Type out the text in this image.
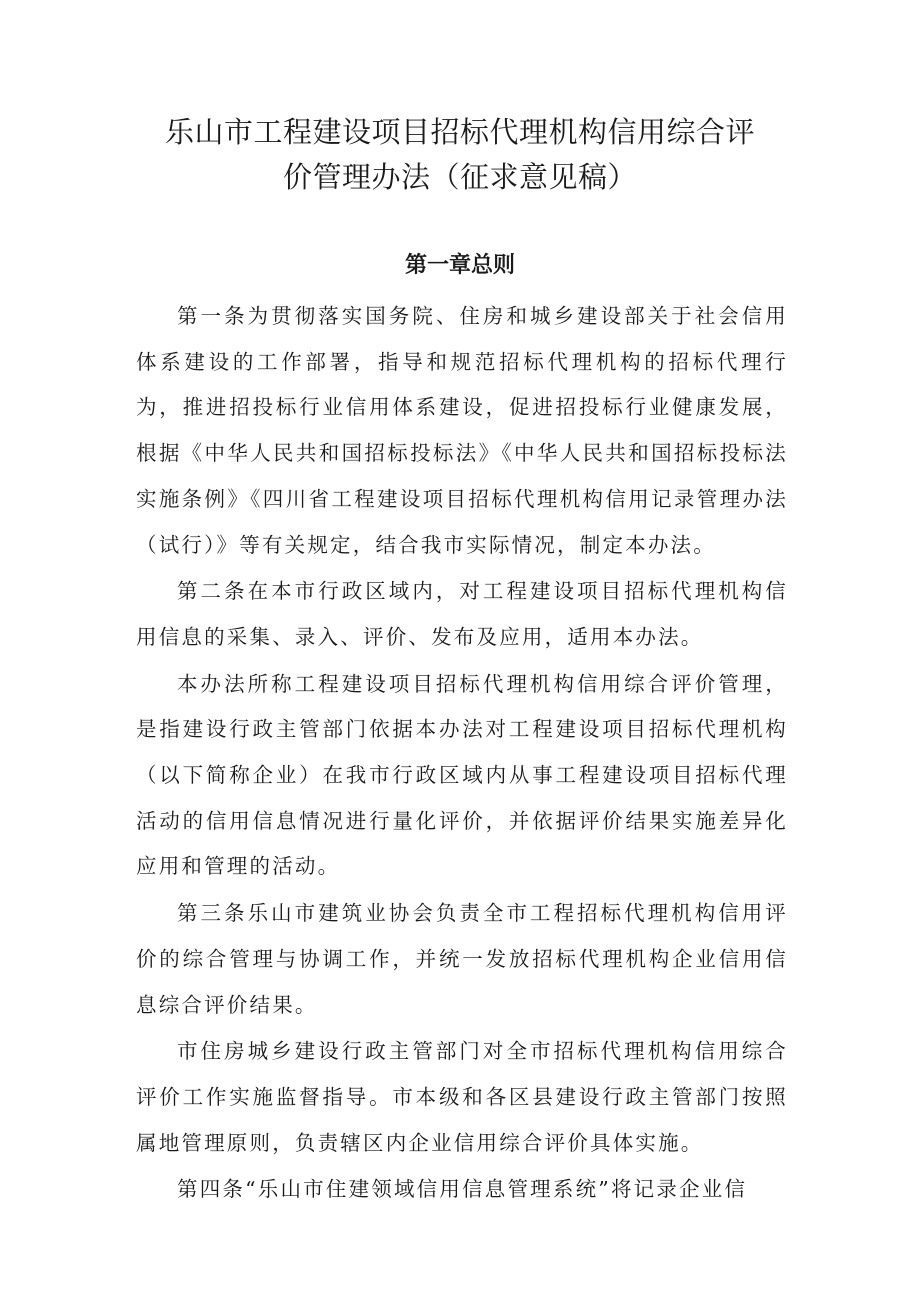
乐山市工程建设项目招标代理机构信用综合评
价管理办法（征求意见稿）
第一章总则

第一条为贯彻落实国务院、住房和城乡建设部关于社会信用体系建设的工作部署，指导和规范招标代理机构的招标代理行为，推进招投标行业信用体系建设，促进招投标行业健康发展，根据《中华人民共和国招标投标法》《中华人民共和国招标投标法实施条例》《四川省工程建设项目招标代理机构信用记录管理办法（试行）》等有关规定，结合我市实际情况，制定本办法。

第二条在本市行政区域内，对工程建设项目招标代理机构信用信息的采集、录入、评价、发布及应用，适用本办法。

本办法所称工程建设项目招标代理机构信用综合评价管理，是指建设行政主管部门依据本办法对工程建设项目招标代理机构（以下简称企业）在我市行政区域内从事工程建设项目招标代理活动的信用信息情况进行量化评价，并依据评价结果实施差异化应用和管理的活动。

第三条乐山市建筑业协会负责全市工程招标代理机构信用评价的综合管理与协调工作，并统一发放招标代理机构企业信用信息综合评价结果。

市住房城乡建设行政主管部门对全市招标代理机构信用综合评价工作实施监督指导。市本级和各区县建设行政主管部门按照属地管理原则，负责辖区内企业信用综合评价具体实施。

第四条“乐山市住建领域信用信息管理系统”将记录企业信
